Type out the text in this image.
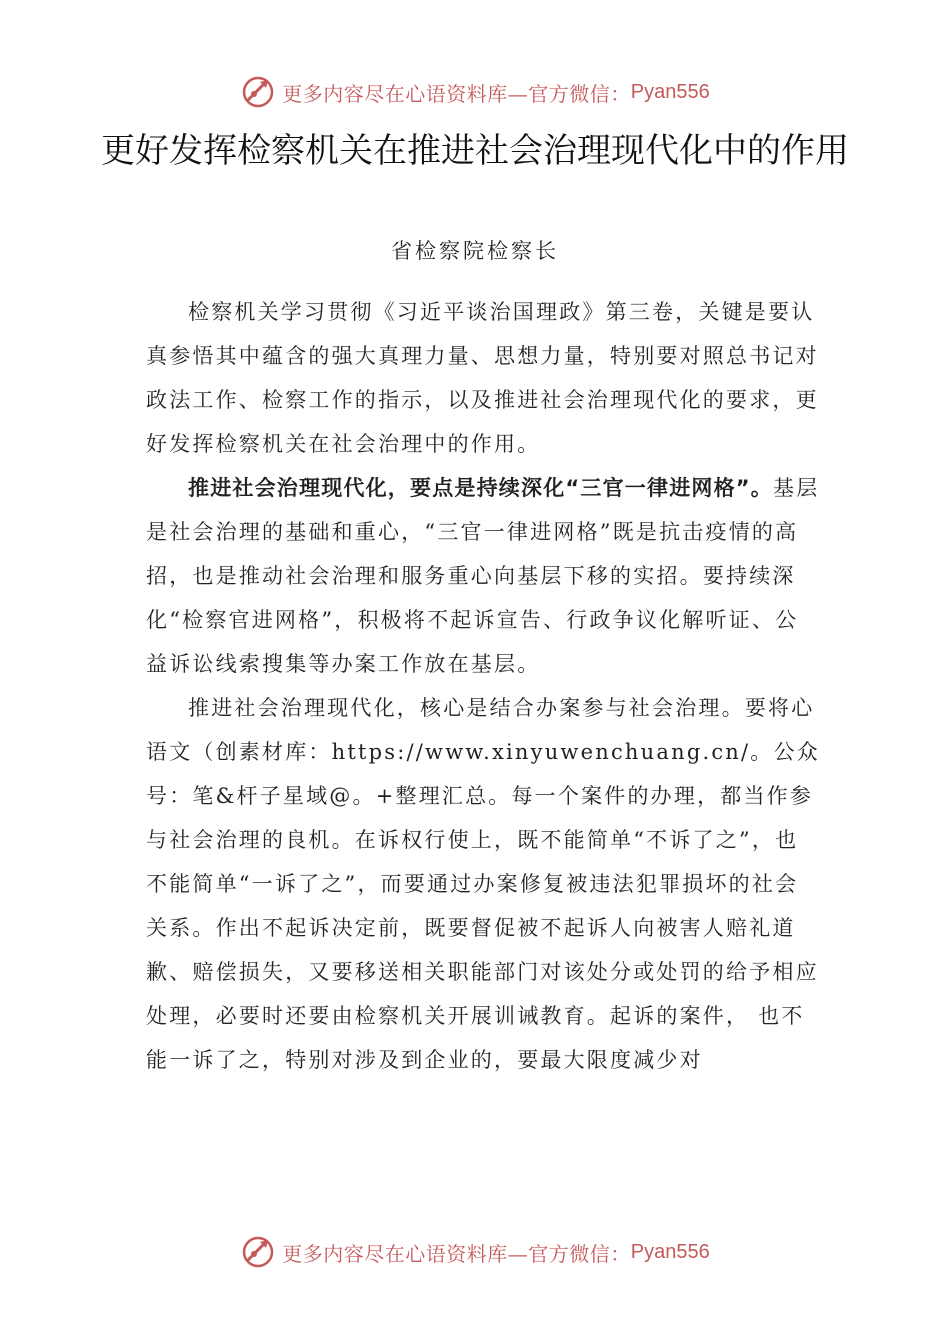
更多内容尽在心语资料库—官方微信： Pyan556
更好发挥检察机关在推进社会治理现代化中的作用
省检察院检察长

检察机关学习贯彻《习近平谈治国理政》第三卷，关键是要认真参悟其中蕴含的强大真理力量、思想力量，特别要对照总书记对政法工作、检察工作的指示，以及推进社会治理现代化的要求，更好发挥检察机关在社会治理中的作用。

推进社会治理现代化，要点是持续深化“三官一律进网格”。基层是社会治理的基础和重心，“三官一律进网格”既是抗击疫情的高招，也是推动社会治理和服务重心向基层下移的实招。要持续深化“检察官进网格”，积极将不起诉宣告、行政争议化解听证、公益诉讼线索搜集等办案工作放在基层。

推进社会治理现代化，核心是结合办案参与社会治理。要将心语文（创素材库：https://www.xinyuwenchuang.cn/。公众号：笔&杆子星域@。+整理汇总。每一个案件的办理，都当作参与社会治理的良机。在诉权行使上，既不能简单“不诉了之”，也不能简单“一诉了之”，而要通过办案修复被违法犯罪损坏的社会关系。作出不起诉决定前，既要督促被不起诉人向被害人赔礼道歉、赔偿损失，又要移送相关职能部门对该处分或处罚的给予相应处理，必要时还要由检察机关开展训诫教育。起诉的案件， 也不能一诉了之，特别对涉及到企业的，要最大限度减少对

更多内容尽在心语资料库—官方微信： Pyan556
